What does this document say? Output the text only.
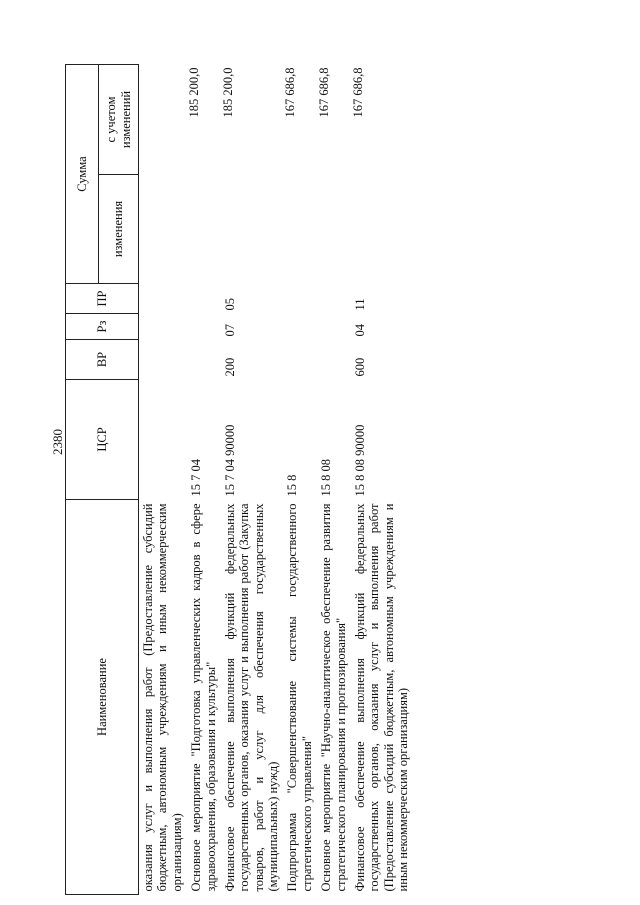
2380
Наименование	ЦСР	ВР	Рз	ПР	Сумма	
					изменения	с учетом изменений
оказания услуг и выполнения работ (Предоставление субсидий бюджетным, автономным учреждениям и иным некоммерческим организациям)						
Основное мероприятие "Подготовка управленческих кадров в сфере здравоохранения, образования и культуры"	15 7 04					185 200,0
Финансовое обеспечение выполнения функций федеральных государственных органов, оказания услуг и выполнения работ (Закупка товаров, работ и услуг для обеспечения государственных (муниципальных) нужд)	15 7 04 90000	200	07	05		185 200,0
Подпрограмма "Совершенствование системы государственного стратегического управления"	15 8					167 686,8
Основное мероприятие "Научно-аналитическое обеспечение развития стратегического планирования и прогнозирования"	15 8 08					167 686,8
Финансовое обеспечение выполнения функций федеральных государственных органов, оказания услуг и выполнения работ (Предоставление субсидий бюджетным, автономным учреждениям и иным некоммерческим организациям)	15 8 08 90000	600	04	11		167 686,8
